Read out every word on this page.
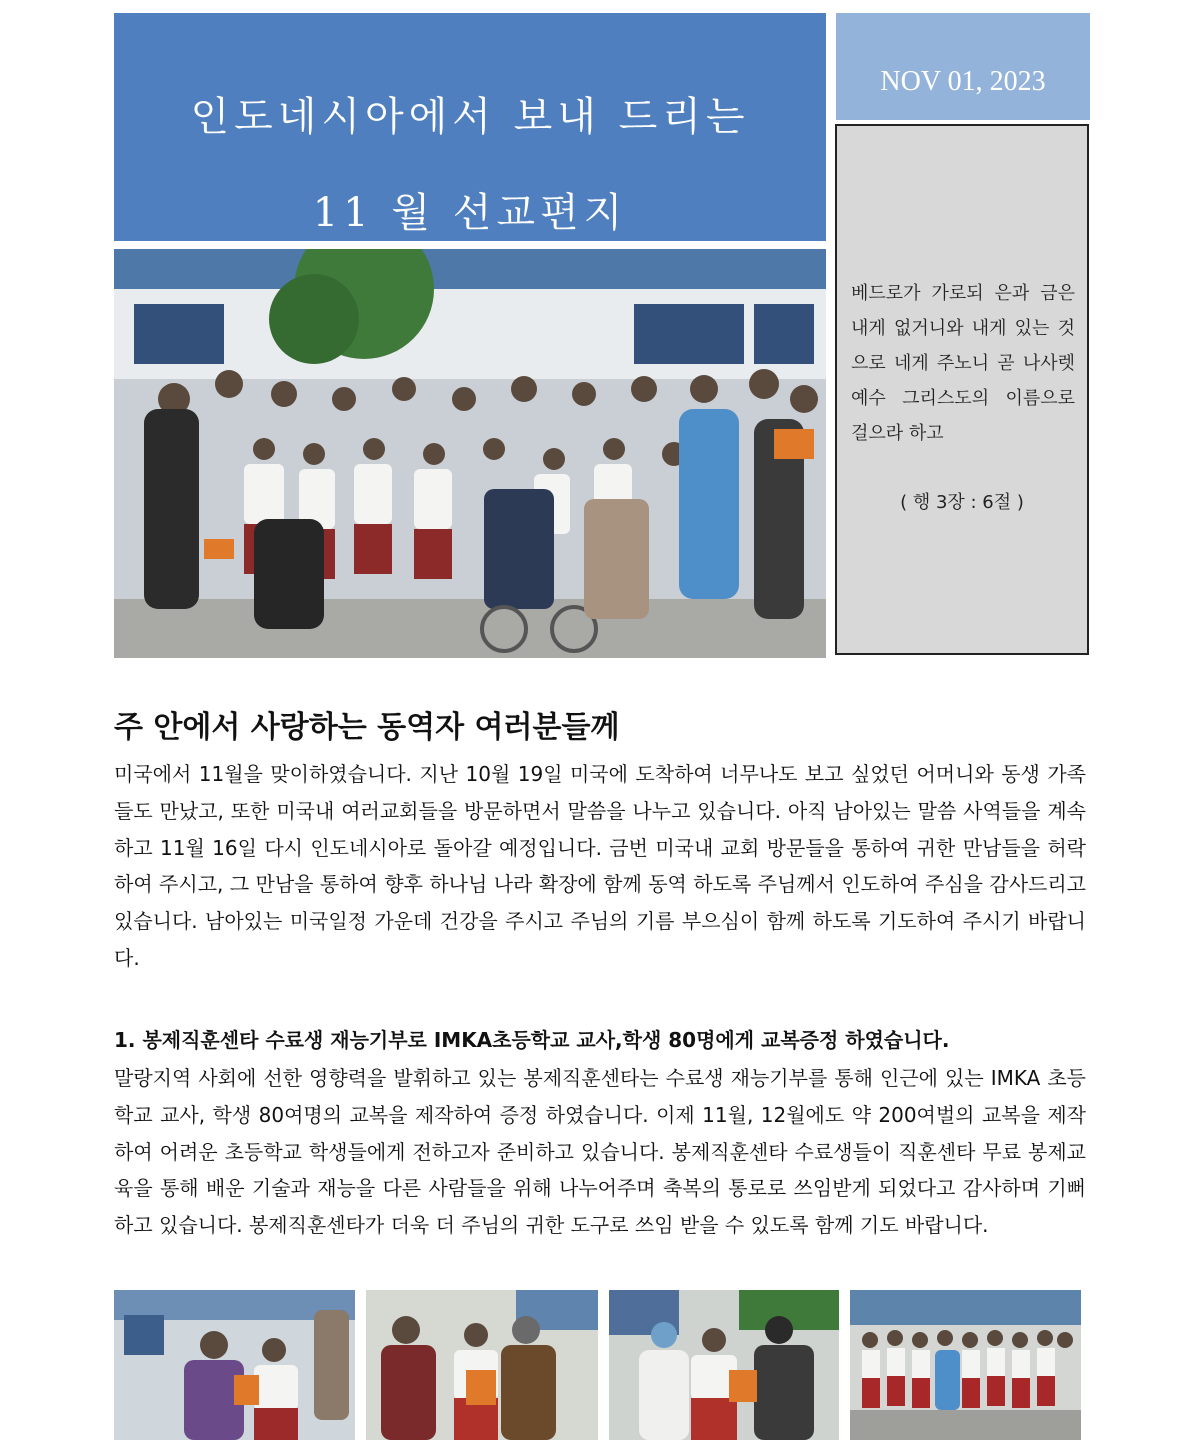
인도네시아에서 보내 드리는
11 월 선교편지
NOV 01, 2023
베드로가 가로되 은과 금은 내게 없거니와 내게 있는 것으로 네게 주노니 곧 나사렛 예수 그리스도의 이름으로 걸으라 하고
( 행 3장 : 6절 )
주 안에서 사랑하는 동역자 여러분들께
미국에서 11월을 맞이하였습니다. 지난 10월 19일 미국에 도착하여 너무나도 보고 싶었던 어머니와 동생 가족들도 만났고, 또한 미국내 여러교회들을 방문하면서 말씀을 나누고 있습니다. 아직 남아있는 말씀 사역들을 계속하고 11월 16일 다시 인도네시아로 돌아갈 예정입니다. 금번 미국내 교회 방문들을 통하여 귀한 만남들을 허락하여 주시고, 그 만남을 통하여 향후 하나님 나라 확장에 함께 동역 하도록 주님께서 인도하여 주심을 감사드리고 있습니다. 남아있는 미국일정 가운데 건강을 주시고 주님의 기름 부으심이 함께 하도록 기도하여 주시기 바랍니다.
1. 봉제직훈센타 수료생 재능기부로 IMKA초등학교 교사,학생 80명에게 교복증정 하였습니다.
말랑지역 사회에 선한 영향력을 발휘하고 있는 봉제직훈센타는 수료생 재능기부를 통해 인근에 있는 IMKA 초등학교 교사, 학생 80여명의 교복을 제작하여 증정 하였습니다. 이제 11월, 12월에도 약 200여벌의 교복을 제작하여 어려운 초등학교 학생들에게 전하고자 준비하고 있습니다. 봉제직훈센타 수료생들이 직훈센타 무료 봉제교육을 통해 배운 기술과 재능을 다른 사람들을 위해 나누어주며 축복의 통로로 쓰임받게 되었다고 감사하며 기뻐하고 있습니다. 봉제직훈센타가 더욱 더 주님의 귀한 도구로 쓰임 받을 수 있도록 함께 기도 바랍니다.
